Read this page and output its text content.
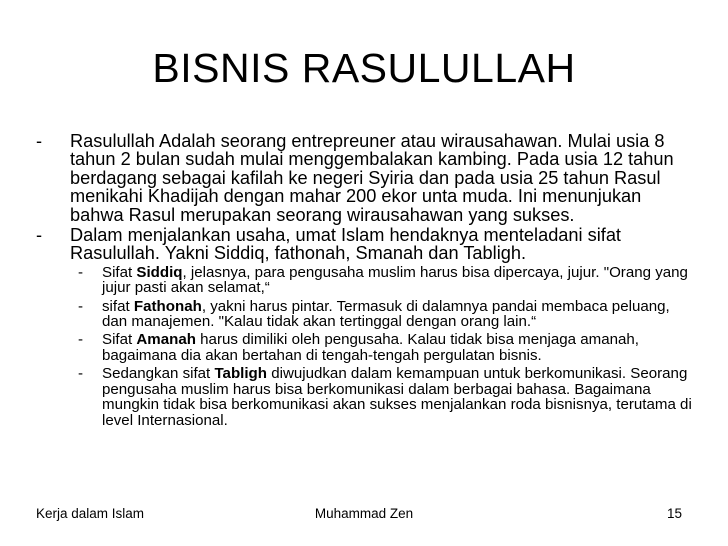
BISNIS RASULULLAH
- Rasulullah Adalah seorang entrepreuner atau wirausahawan. Mulai usia 8 tahun 2 bulan sudah mulai menggembalakan kambing. Pada usia 12 tahun berdagang sebagai kafilah ke negeri Syiria dan pada usia 25 tahun Rasul menikahi Khadijah dengan mahar 200 ekor unta muda. Ini menunjukan bahwa Rasul merupakan seorang wirausahawan yang sukses.
- Dalam menjalankan usaha, umat Islam hendaknya menteladani sifat Rasulullah. Yakni Siddiq, fathonah, Smanah dan Tabligh.
- Sifat Siddiq, jelasnya, para pengusaha muslim harus bisa dipercaya, jujur. "Orang yang jujur pasti akan selamat,“
- sifat Fathonah, yakni harus pintar. Termasuk di dalamnya pandai membaca peluang, dan manajemen. "Kalau tidak akan tertinggal dengan orang lain.“
- Sifat Amanah harus dimiliki oleh pengusaha. Kalau tidak bisa menjaga amanah, bagaimana dia akan bertahan di tengah-tengah pergulatan bisnis.
- Sedangkan sifat Tabligh diwujudkan dalam kemampuan untuk berkomunikasi. Seorang pengusaha muslim harus bisa berkomunikasi dalam berbagai bahasa. Bagaimana mungkin tidak bisa berkomunikasi akan sukses menjalankan roda bisnisnya, terutama di level Internasional.
Kerja dalam Islam	Muhammad Zen	15
